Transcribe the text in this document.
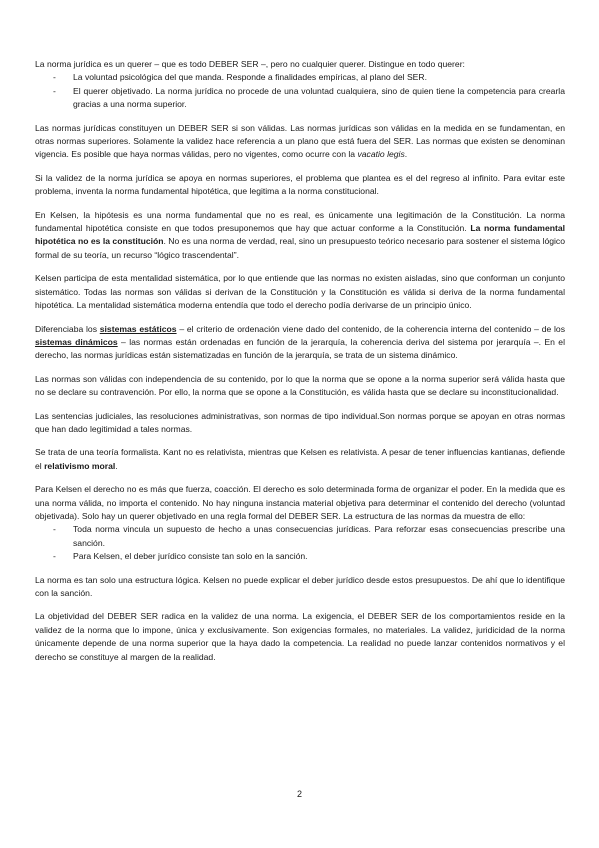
La norma jurídica es un querer – que es todo DEBER SER –, pero no cualquier querer. Distingue en todo querer:

- La voluntad psicológica del que manda. Responde a finalidades empíricas, al plano del SER.
- El querer objetivado. La norma jurídica no procede de una voluntad cualquiera, sino de quien tiene la competencia para crearla gracias a una norma superior.

Las normas jurídicas constituyen un DEBER SER si son válidas. Las normas jurídicas son válidas en la medida en se fundamentan, en otras normas superiores. Solamente la validez hace referencia a un plano que está fuera del SER. Las normas que existen se denominan vigencia. Es posible que haya normas válidas, pero no vigentes, como ocurre con la vacatio legis.

Si la validez de la norma jurídica se apoya en normas superiores, el problema que plantea es el del regreso al infinito. Para evitar este problema, inventa la norma fundamental hipotética, que legitima a la norma constitucional.

En Kelsen, la hipótesis es una norma fundamental que no es real, es únicamente una legitimación de la Constitución. La norma fundamental hipotética consiste en que todos presuponemos que hay que actuar conforme a la Constitución. La norma fundamental hipotética no es la constitución. No es una norma de verdad, real, sino un presupuesto teórico necesario para sostener el sistema lógico formal de su teoría, un recurso “lógico trascendental”.

Kelsen participa de esta mentalidad sistemática, por lo que entiende que las normas no existen aisladas, sino que conforman un conjunto sistemático. Todas las normas son válidas si derivan de la Constitución y la Constitución es válida si deriva de la norma fundamental hipotética. La mentalidad sistemática moderna entendía que todo el derecho podía derivarse de un principio único.

Diferenciaba los sistemas estáticos – el criterio de ordenación viene dado del contenido, de la coherencia interna del contenido – de los sistemas dinámicos – las normas están ordenadas en función de la jerarquía, la coherencia deriva del sistema por jerarquía –. En el derecho, las normas jurídicas están sistematizadas en función de la jerarquía, se trata de un sistema dinámico.

Las normas son válidas con independencia de su contenido, por lo que la norma que se opone a la norma superior será válida hasta que no se declare su contravención. Por ello, la norma que se opone a la Constitución, es válida hasta que se declare su inconstitucionalidad.

Las sentencias judiciales, las resoluciones administrativas, son normas de tipo individual.Son normas porque se apoyan en otras normas que han dado legitimidad a tales normas.

Se trata de una teoría formalista. Kant no es relativista, mientras que Kelsen es relativista. A pesar de tener influencias kantianas, defiende el relativismo moral.

Para Kelsen el derecho no es más que fuerza, coacción. El derecho es solo determinada forma de organizar el poder. En la medida que es una norma válida, no importa el contenido. No hay ninguna instancia material objetiva para determinar el contenido del derecho (voluntad objetivada). Solo hay un querer objetivado en una regla formal del DEBER SER. La estructura de las normas da muestra de ello:

- Toda norma vincula un supuesto de hecho a unas consecuencias jurídicas. Para reforzar esas consecuencias prescribe una sanción.
- Para Kelsen, el deber jurídico consiste tan solo en la sanción.

La norma es tan solo una estructura lógica. Kelsen no puede explicar el deber jurídico desde estos presupuestos. De ahí que lo identifique con la sanción.

La objetividad del DEBER SER radica en la validez de una norma. La exigencia, el DEBER SER de los comportamientos reside en la validez de la norma que lo impone, única y exclusivamente. Son exigencias formales, no materiales. La validez, juridicidad de la norma únicamente depende de una norma superior que la haya dado la competencia. La realidad no puede lanzar contenidos normativos y el derecho se constituye al margen de la realidad.

2
